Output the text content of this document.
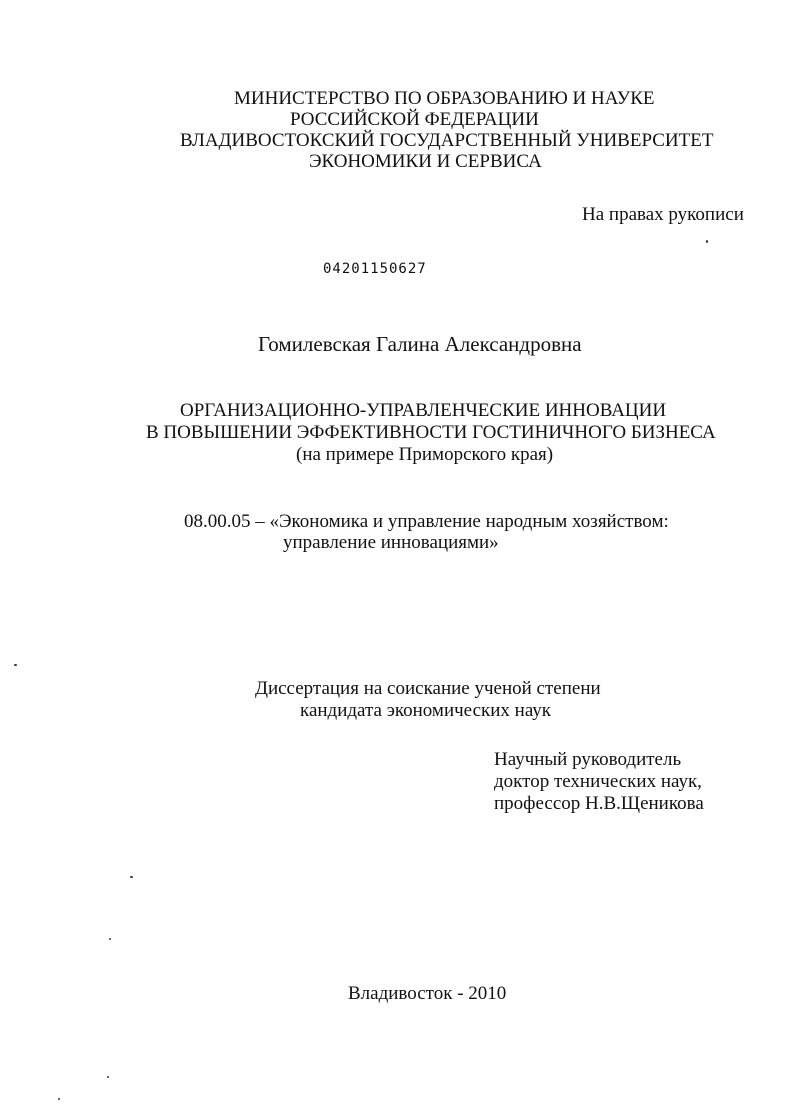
МИНИСТЕРСТВО ПО ОБРАЗОВАНИЮ И НАУКЕ
РОССИЙСКОЙ ФЕДЕРАЦИИ
ВЛАДИВОСТОКСКИЙ ГОСУДАРСТВЕННЫЙ УНИВЕРСИТЕТ
ЭКОНОМИКИ И СЕРВИСА
На правах рукописи
04201150627
Гомилевская Галина Александровна
ОРГАНИЗАЦИОННО-УПРАВЛЕНЧЕСКИЕ ИННОВАЦИИ
В ПОВЫШЕНИИ ЭФФЕКТИВНОСТИ ГОСТИНИЧНОГО БИЗНЕСА
(на примере Приморского края)
08.00.05 – «Экономика и управление народным хозяйством:
управление инновациями»
Диссертация на соискание ученой степени
кандидата экономических наук
Научный руководитель
доктор технических наук,
профессор Н.В.Щеникова
Владивосток - 2010
